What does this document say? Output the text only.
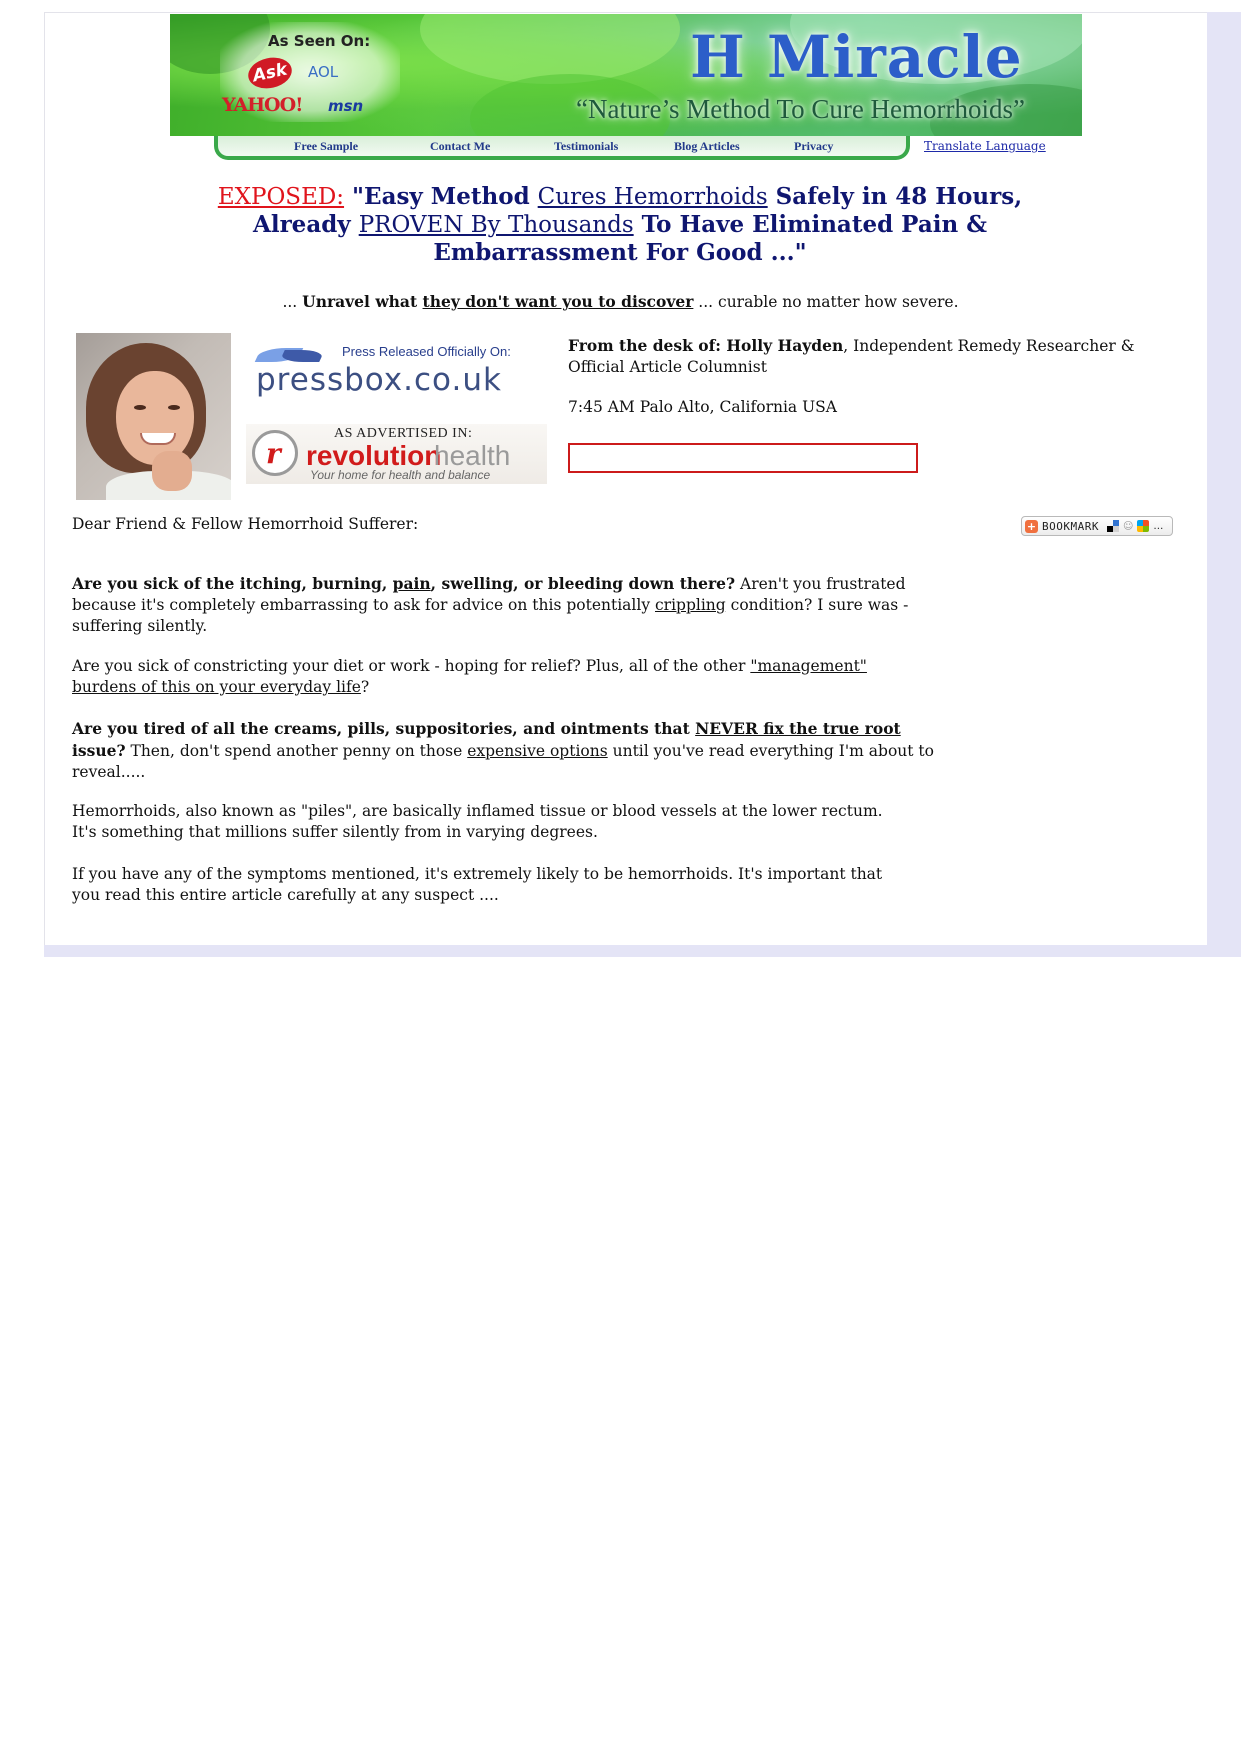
As Seen On:
Ask	AOL
YAHOO! msn
H Miracle
“Nature’s Method To Cure Hemorrhoids”
Free Sample	Contact Me	Testimonials	Blog Articles	Privacy	Translate Language
EXPOSED: "Easy Method Cures Hemorrhoids Safely in 48 Hours, Already PROVEN By Thousands To Have Eliminated Pain & Embarrassment For Good ..."
... Unravel what they don't want you to discover ... curable no matter how severe.
Press Released Officially On:
pressbox.co.uk
r
AS ADVERTISED IN:
revolution
health
Your home for health and balance
From the desk of: Holly Hayden, Independent Remedy Researcher & Official Article Columnist
7:45 AM Palo Alto, California USA
Dear Friend & Fellow Hemorrhoid Sufferer:	+ BOOKMARK ☺ …
Are you sick of the itching, burning, pain, swelling, or bleeding down there? Aren't you frustrated because it's completely embarrassing to ask for advice on this potentially crippling condition? I sure was - suffering silently.
Are you sick of constricting your diet or work - hoping for relief? Plus, all of the other "management" burdens of this on your everyday life?
Are you tired of all the creams, pills, suppositories, and ointments that NEVER fix the true root issue? Then, don't spend another penny on those expensive options until you've read everything I'm about to reveal.....
Hemorrhoids, also known as "piles", are basically inflamed tissue or blood vessels at the lower rectum.
It's something that millions suffer silently from in varying degrees.
If you have any of the symptoms mentioned, it's extremely likely to be hemorrhoids. It's important that you read this entire article carefully at any suspect ....
